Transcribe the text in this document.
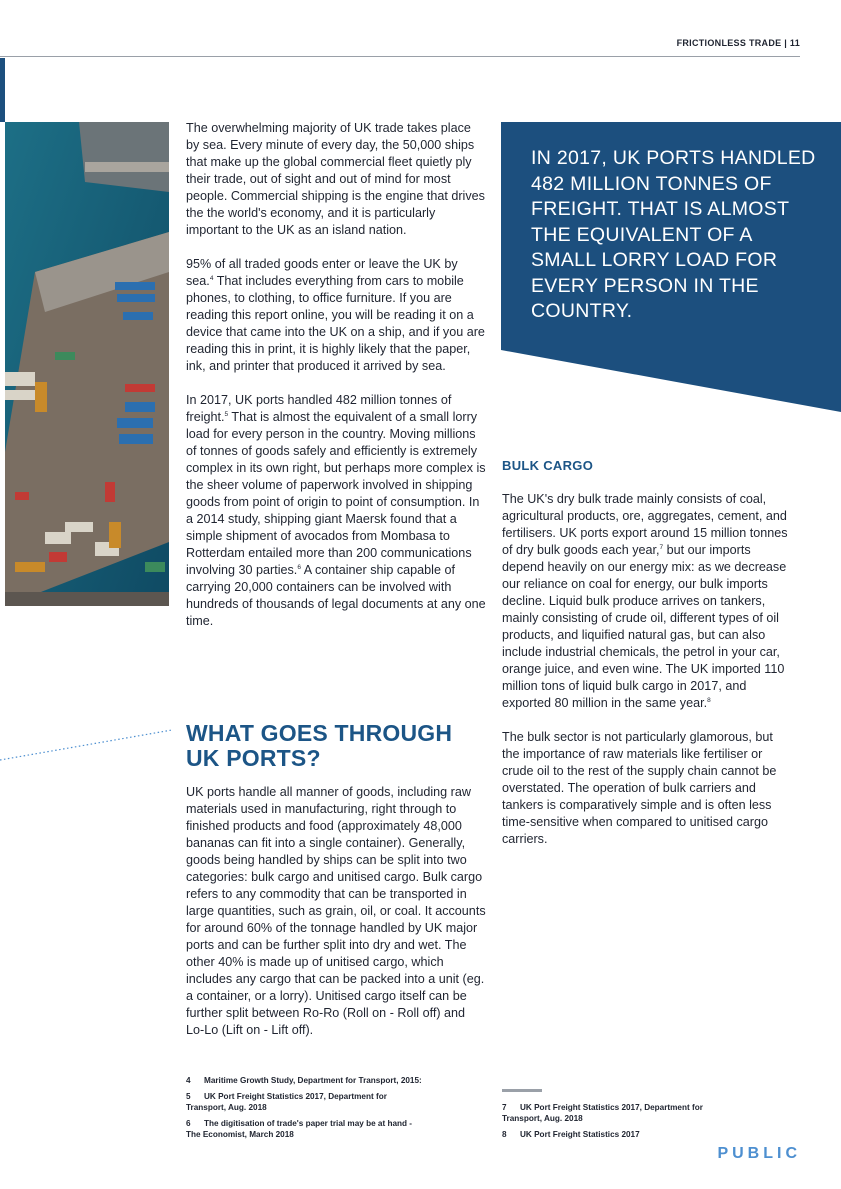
FRICTIONLESS TRADE | 11

The overwhelming majority of UK trade takes place by sea. Every minute of every day, the 50,000 ships that make up the global commercial fleet quietly ply their trade, out of sight and out of mind for most people. Commercial shipping is the engine that drives the the world's economy, and it is particularly important to the UK as an island nation.

95% of all traded goods enter or leave the UK by sea.$^4$ That includes everything from cars to mobile phones, to clothing, to office furniture. If you are reading this report online, you will be reading it on a device that came into the UK on a ship, and if you are reading this in print, it is highly likely that the paper, ink, and printer that produced it arrived by sea.

In 2017, UK ports handled 482 million tonnes of freight.$^5$ That is almost the equivalent of a small lorry load for every person in the country. Moving millions of tonnes of goods safely and efficiently is extremely complex in its own right, but perhaps more complex is the sheer volume of paperwork involved in shipping goods from point of origin to point of consumption. In a 2014 study, shipping giant Maersk found that a simple shipment of avocados from Mombasa to Rotterdam entailed more than 200 communications involving 30 parties.$^6$ A container ship capable of carrying 20,000 containers can be involved with hundreds of thousands of legal documents at any one time.

WHAT GOES THROUGH UK PORTS?

UK ports handle all manner of goods, including raw materials used in manufacturing, right through to finished products and food (approximately 48,000 bananas can fit into a single container). Generally, goods being handled by ships can be split into two categories: bulk cargo and unitised cargo. Bulk cargo refers to any commodity that can be transported in large quantities, such as grain, oil, or coal. It accounts for around 60% of the tonnage handled by UK major ports and can be further split into dry and wet. The other 40% is made up of unitised cargo, which includes any cargo that can be packed into a unit (eg. a container, or a lorry). Unitised cargo itself can be further split between Ro-Ro (Roll on - Roll off) and Lo-Lo (Lift on - Lift off).

IN 2017, UK PORTS HANDLED 482 MILLION TONNES OF FREIGHT. THAT IS ALMOST THE EQUIVALENT OF A SMALL LORRY LOAD FOR EVERY PERSON IN THE COUNTRY.
BULK CARGO

The UK's dry bulk trade mainly consists of coal, agricultural products, ore, aggregates, cement, and fertilisers. UK ports export around 15 million tonnes of dry bulk goods each year,$^7$ but our imports depend heavily on our energy mix: as we decrease our reliance on coal for energy, our bulk imports decline. Liquid bulk produce arrives on tankers, mainly consisting of crude oil, different types of oil products, and liquified natural gas, but can also include industrial chemicals, the petrol in your car, orange juice, and even wine. The UK imported 110 million tons of liquid bulk cargo in 2017, and exported 80 million in the same year.$^8$

The bulk sector is not particularly glamorous, but the importance of raw materials like fertiliser or crude oil to the rest of the supply chain cannot be overstated. The operation of bulk carriers and tankers is comparatively simple and is often less time-sensitive when compared to unitised cargo carriers.

4 Maritime Growth Study, Department for Transport, 2015:
5 UK Port Freight Statistics 2017, Department for Transport, Aug. 2018
6 The digitisation of trade's paper trial may be at hand - The Economist, March 2018
7 UK Port Freight Statistics 2017, Department for Transport, Aug. 2018
8 UK Port Freight Statistics 2017
PUBLIC
